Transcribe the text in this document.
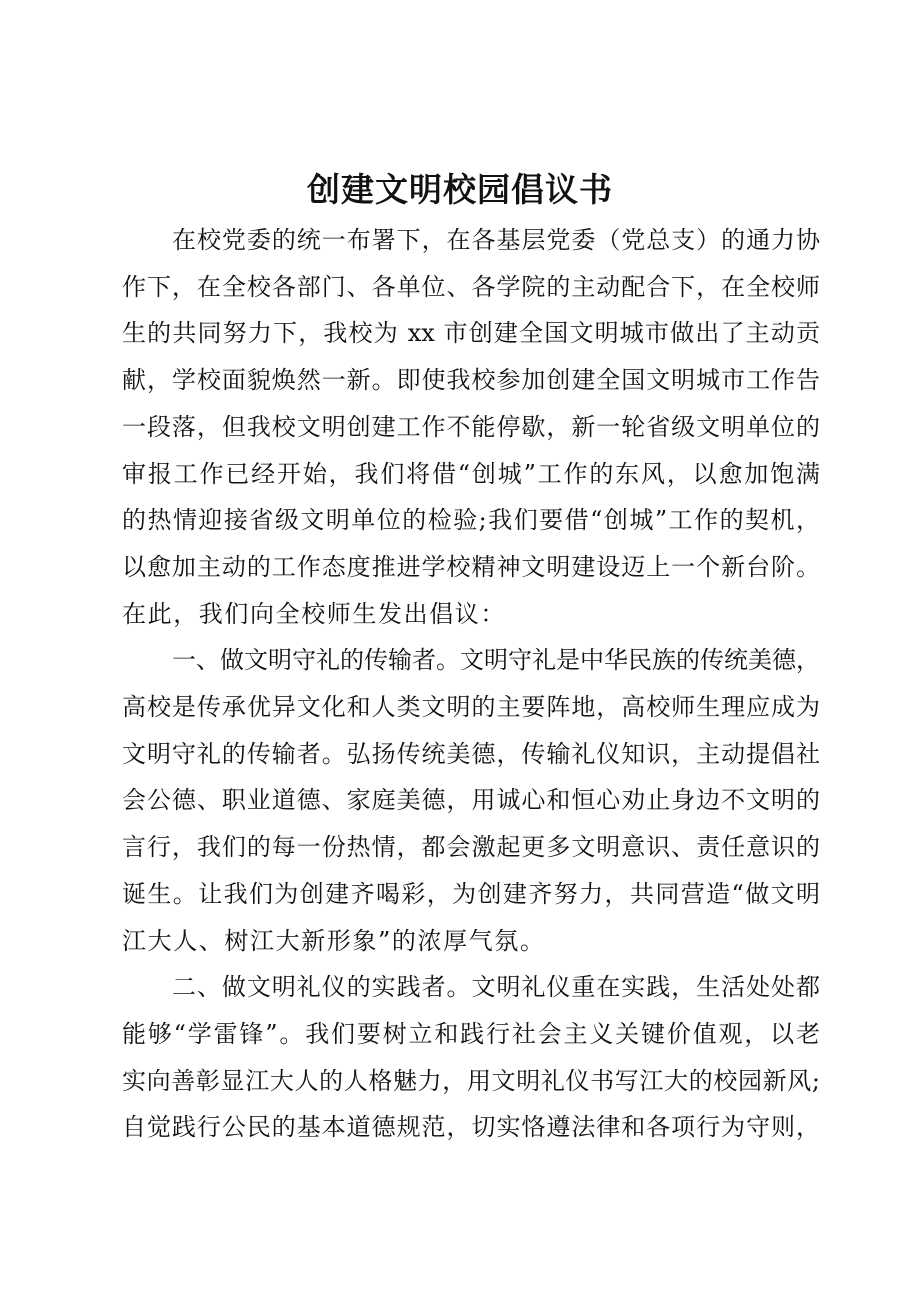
创建文明校园倡议书
在校党委的统一布署下，在各基层党委（党总支）的通力协
作下，在全校各部门、各单位、各学院的主动配合下，在全校师
生的共同努力下，我校为 xx 市创建全国文明城市做出了主动贡
献，学校面貌焕然一新。即使我校参加创建全国文明城市工作告
一段落，但我校文明创建工作不能停歇，新一轮省级文明单位的
审报工作已经开始，我们将借“创城”工作的东风，以愈加饱满
的热情迎接省级文明单位的检验;我们要借“创城”工作的契机，
以愈加主动的工作态度推进学校精神文明建设迈上一个新台阶。
在此，我们向全校师生发出倡议：
一、做文明守礼的传输者。文明守礼是中华民族的传统美德，
高校是传承优异文化和人类文明的主要阵地，高校师生理应成为
文明守礼的传输者。弘扬传统美德，传输礼仪知识，主动提倡社
会公德、职业道德、家庭美德，用诚心和恒心劝止身边不文明的
言行，我们的每一份热情，都会激起更多文明意识、责任意识的
诞生。让我们为创建齐喝彩，为创建齐努力，共同营造“做文明
江大人、树江大新形象”的浓厚气氛。
二、做文明礼仪的实践者。文明礼仪重在实践，生活处处都
能够“学雷锋”。我们要树立和践行社会主义关键价值观，以老
实向善彰显江大人的人格魅力，用文明礼仪书写江大的校园新风;
自觉践行公民的基本道德规范，切实恪遵法律和各项行为守则，
